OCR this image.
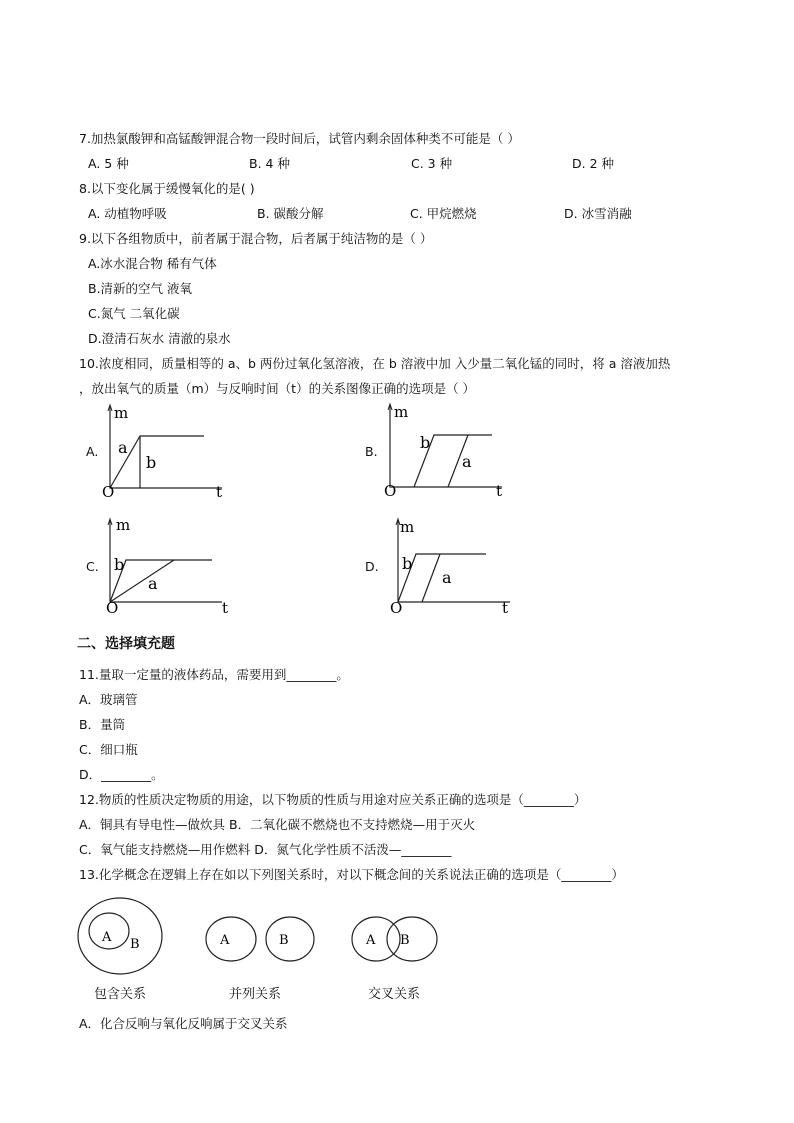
7.加热氯酸钾和高锰酸钾混合物一段时间后，试管内剩余固体种类不可能是（ ）
A. 5 种	B. 4 种	C. 3 种	D. 2 种
8.以下变化属于缓慢氧化的是( )
A. 动植物呼吸	B. 碳酸分解	C. 甲烷燃烧	D. 冰雪消融
9.以下各组物质中，前者属于混合物，后者属于纯洁物的是（ ）
A.冰水混合物 稀有气体
B.清新的空气 液氧
C.氮气 二氧化碳
D.澄清石灰水 清澈的泉水
10.浓度相同，质量相等的 a、b 两份过氧化氢溶液，在 b 溶液中加 入少量二氧化锰的同时，将 a 溶液加热
，放出氧气的质量（m）与反响时间（t）的关系图像正确的选项是（ ）
A.
m
t
O
a
b
B.
m
t
O
a
b
C.
m
t
O
a
b	D.
m
t
O
a
b
二、选择填充题
11.量取一定量的液体药品，需要用到________。
A．玻璃管
B．量筒
C．细口瓶
D．________。
12.物质的性质决定物质的用途，以下物质的性质与用途对应关系正确的选项是（________）
A．铜具有导电性—做炊具 B．二氧化碳不燃烧也不支持燃烧—用于灭火
C．氧气能支持燃烧—用作燃料 D．氮气化学性质不活泼—________
13.化学概念在逻辑上存在如以下列图关系时，对以下概念间的关系说法正确的选项是（________）
A B	A	B	A B
包含关系	并列关系	交叉关系
A．化合反响与氧化反响属于交叉关系
